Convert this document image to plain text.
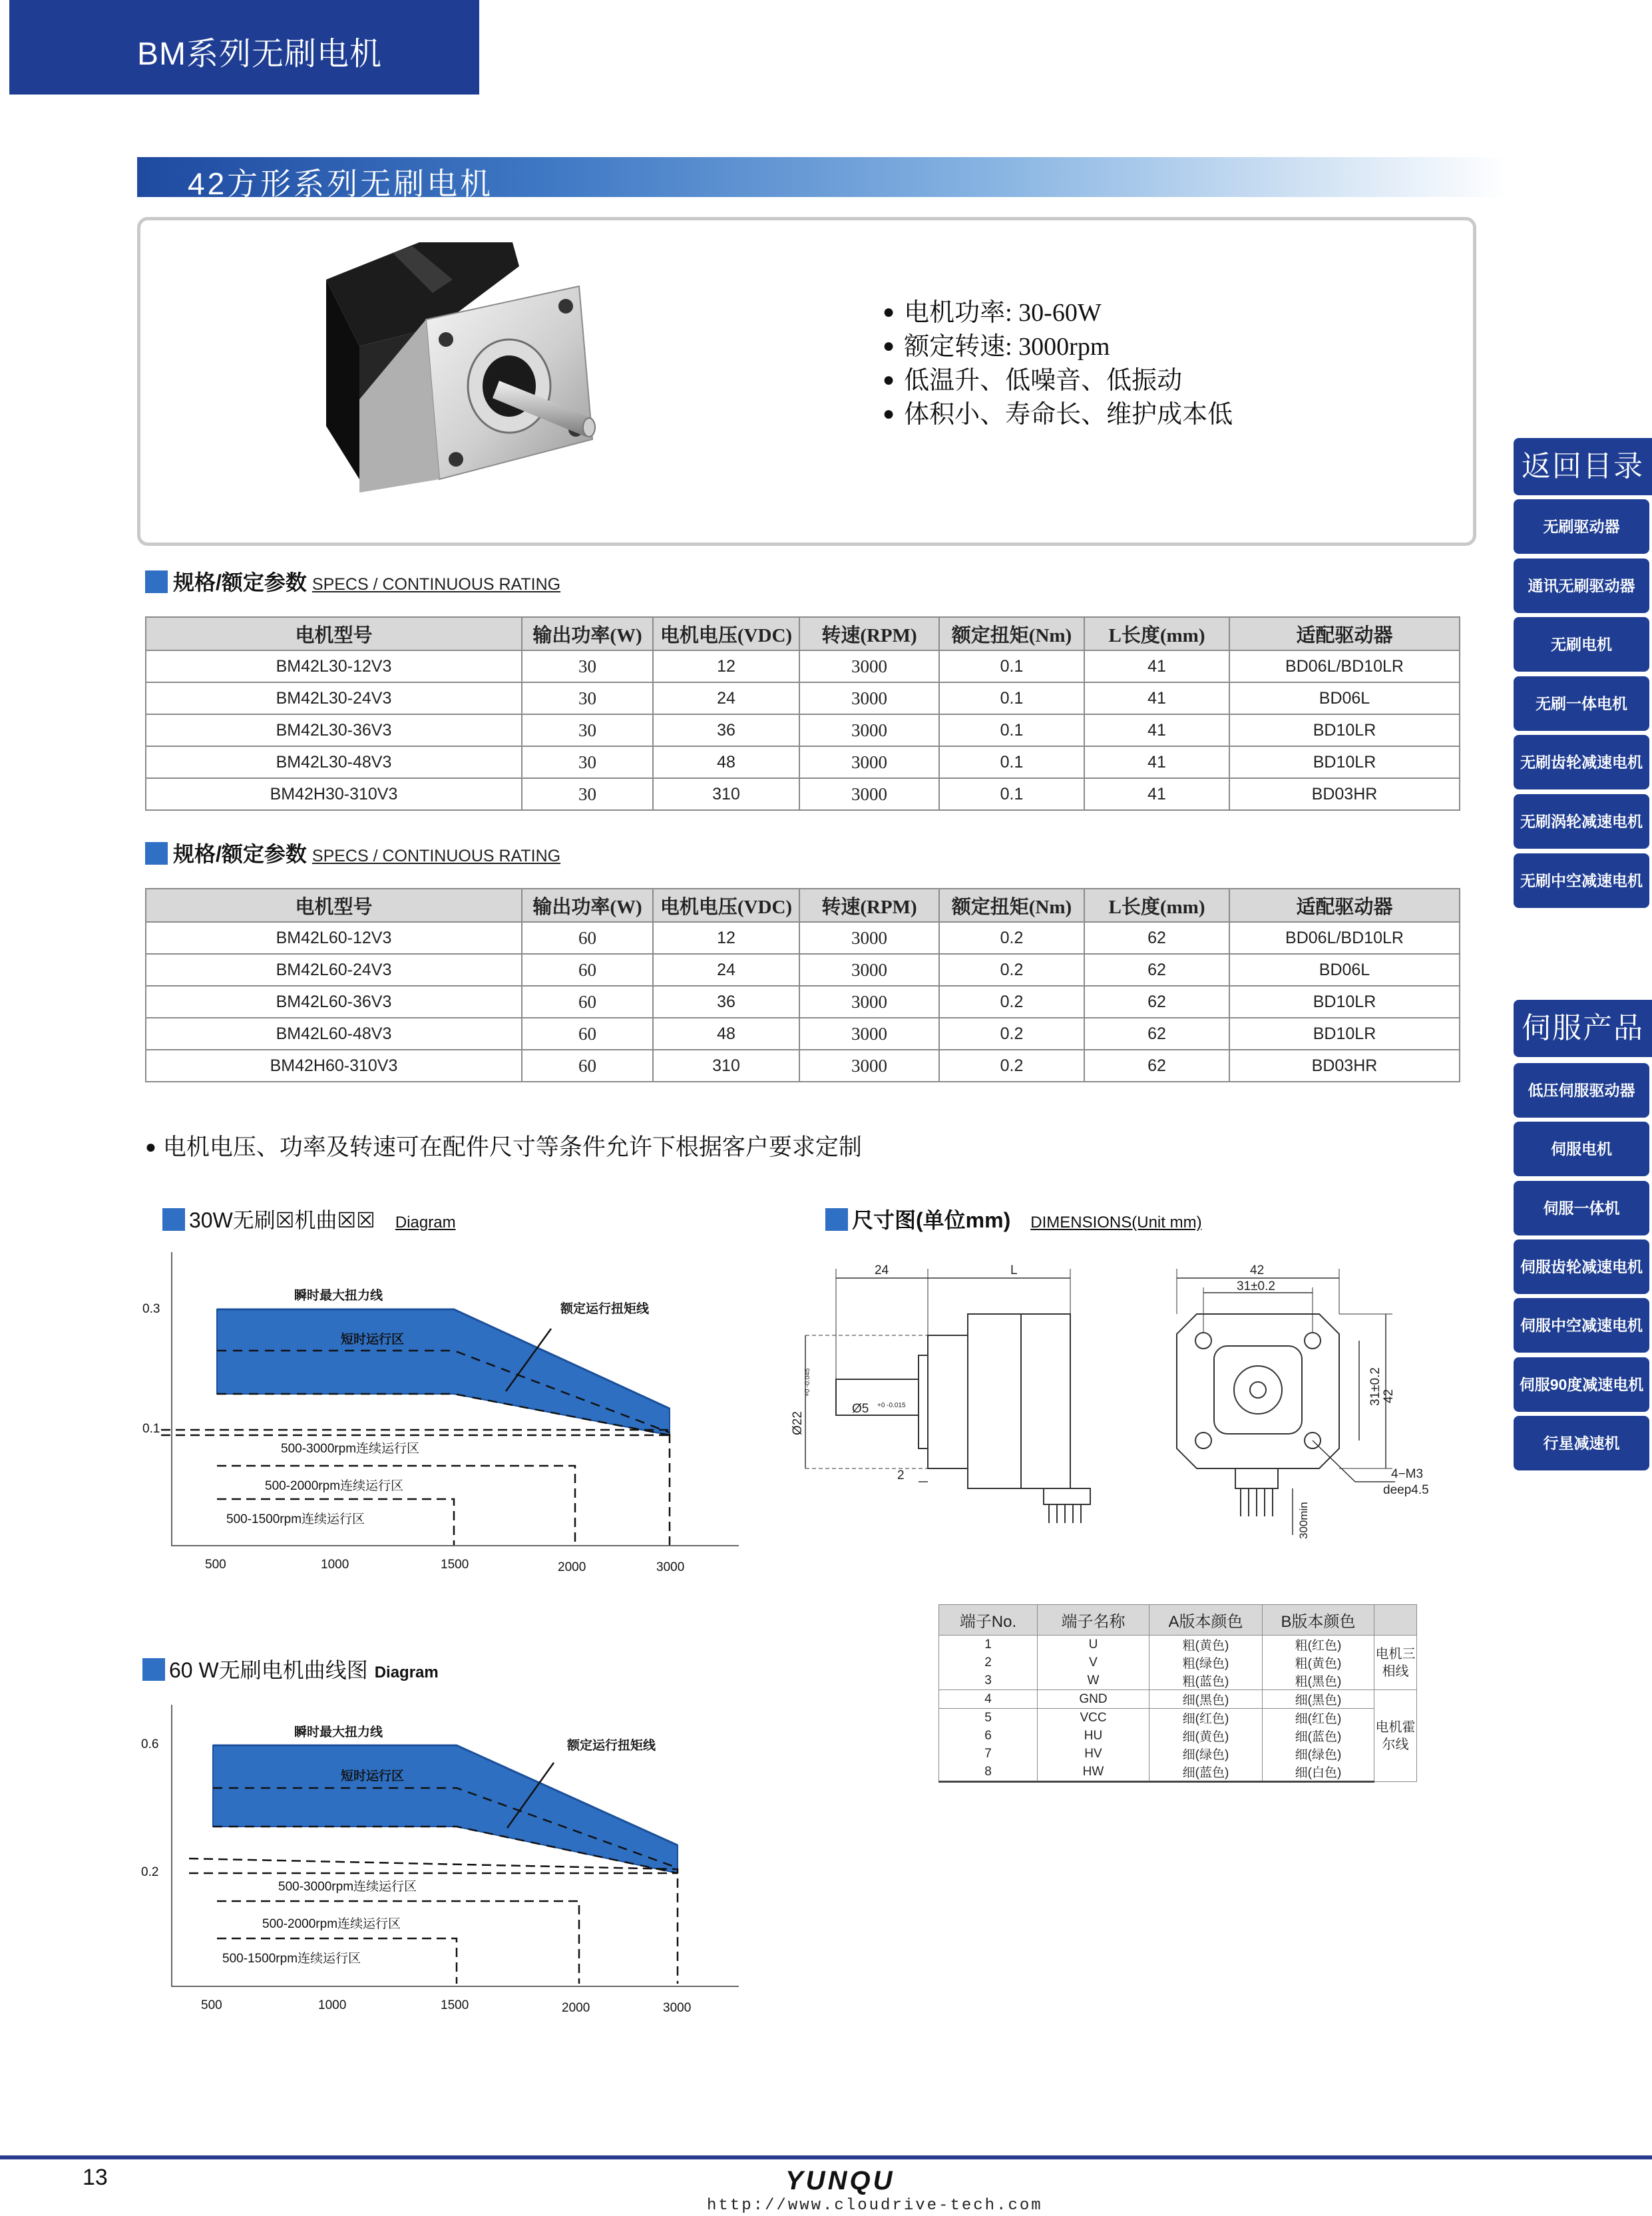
BM系列无刷电机
42方形系列无刷电机
● 电机功率: 30-60W
● 额定转速: 3000rpm
● 低温升、低噪音、低振动
● 体积小、寿命长、维护成本低
规格/额定参数 SPECS / CONTINUOUS RATING
电机型号	输出功率(W)	电机电压(VDC)	转速(RPM)	额定扭矩(Nm)	L长度(mm)	适配驱动器
BM42L30-12V3	30	12	3000	0.1	41	BD06L/BD10LR
BM42L30-24V3	30	24	3000	0.1	41	BD06L
BM42L30-36V3	30	36	3000	0.1	41	BD10LR
BM42L30-48V3	30	48	3000	0.1	41	BD10LR
BM42H30-310V3	30	310	3000	0.1	41	BD03HR
规格/额定参数 SPECS / CONTINUOUS RATING
电机型号	输出功率(W)	电机电压(VDC)	转速(RPM)	额定扭矩(Nm)	L长度(mm)	适配驱动器
BM42L60-12V3	60	12	3000	0.2	62	BD06L/BD10LR
BM42L60-24V3	60	24	3000	0.2	62	BD06L
BM42L60-36V3	60	36	3000	0.2	62	BD10LR
BM42L60-48V3	60	48	3000	0.2	62	BD10LR
BM42H60-310V3	60	310	3000	0.2	62	BD03HR
● 电机电压、功率及转速可在配件尺寸等条件允许下根据客户要求定制
30W无刷☒机曲☒☒ Diagram	尺寸图(单位mm) DIMENSIONS(Unit mm)
60 W无刷电机曲线图 Diagram
瞬时最大扭力线
短时运行区
额定运行扭矩线
500-3000rpm连续运行区
500-2000rpm连续运行区
500-1500rpm连续运行区
0.3
0.1
500	1000	1500	2000	3000
瞬时最大扭力线
短时运行区
额定运行扭矩线
500-3000rpm连续运行区
500-2000rpm连续运行区
500-1500rpm连续运行区
0.6
0.2
500	1000	1500	2000	3000
24	L
Ø22
+0 -0.045
Ø5 +0 -0.015
2
42
31±0.2
31±0.2 42
4−M3
deep4.5
300min
端子No.	端子名称	A版本颜色	B版本颜色	
1	U	粗(黄色)	粗(红色)	电机三相线
2	V	粗(绿色)	粗(黄色)	
3	W	粗(蓝色)	粗(黑色)	
4	GND	细(黑色)	细(黑色)	电机霍尔线
5	VCC	细(红色)	细(红色)	
6	HU	细(黄色)	细(蓝色)	
7	HV	细(绿色)	细(绿色)	
8	HW	细(蓝色)	细(白色)	
返回目录
无刷驱动器
通讯无刷驱动器
无刷电机
无刷一体电机
无刷齿轮减速电机
无刷涡轮减速电机
无刷中空减速电机
伺服产品
低压伺服驱动器
伺服电机
伺服一体机
伺服齿轮减速电机
伺服中空减速电机
伺服90度减速电机
行星减速机
13	YUNQU
http://www.cloudrive-tech.com
